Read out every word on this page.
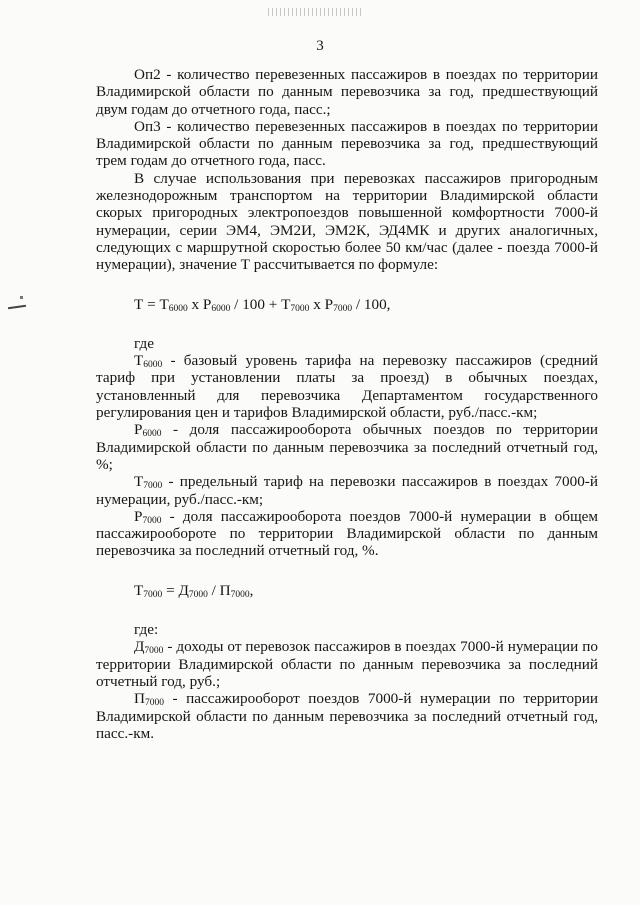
3

Оп2 - количество перевезенных пассажиров в поездах по территории Владимирской области по данным перевозчика за год, предшествующий двум годам до отчетного года, пасс.;

Оп3 - количество перевезенных пассажиров в поездах по территории Владимирской области по данным перевозчика за год, предшествующий трем годам до отчетного года, пасс.

В случае использования при перевозках пассажиров пригородным железнодорожным транспортом на территории Владимирской области скорых пригородных электропоездов повышенной комфортности 7000-й нумерации, серии ЭМ4, ЭМ2И, ЭМ2К, ЭД4МК и других аналогичных, следующих с маршрутной скоростью более 50 км/час (далее - поезда 7000-й нумерации), значение Т рассчитывается по формуле:

$Т = Т_{6000}$ x $Р_{6000} / 100 + Т_{7000}$ x $Р_{7000} / 100$,

где

$Т_{6000}$ - базовый уровень тарифа на перевозку пассажиров (средний тариф при установлении платы за проезд) в обычных поездах, установленный для перевозчика Департаментом государственного регулирования цен и тарифов Владимирской области, руб./пасс.-км;

$Р_{6000}$ - доля пассажирооборота обычных поездов по территории Владимирской области по данным перевозчика за последний отчетный год, %;

$Т_{7000}$ - предельный тариф на перевозки пассажиров в поездах 7000-й нумерации, руб./пасс.-км;

$Р_{7000}$ - доля пассажирооборота поездов 7000-й нумерации в общем пассажирообороте по территории Владимирской области по данным перевозчика за последний отчетный год, %.

$Т_{7000} = Д_{7000} / П_{7000}$,

где:

$Д_{7000}$ - доходы от перевозок пассажиров в поездах 7000-й нумерации по территории Владимирской области по данным перевозчика за последний отчетный год, руб.;

$П_{7000}$ - пассажирооборот поездов 7000-й нумерации по территории Владимирской области по данным перевозчика за последний отчетный год, пасс.-км.
